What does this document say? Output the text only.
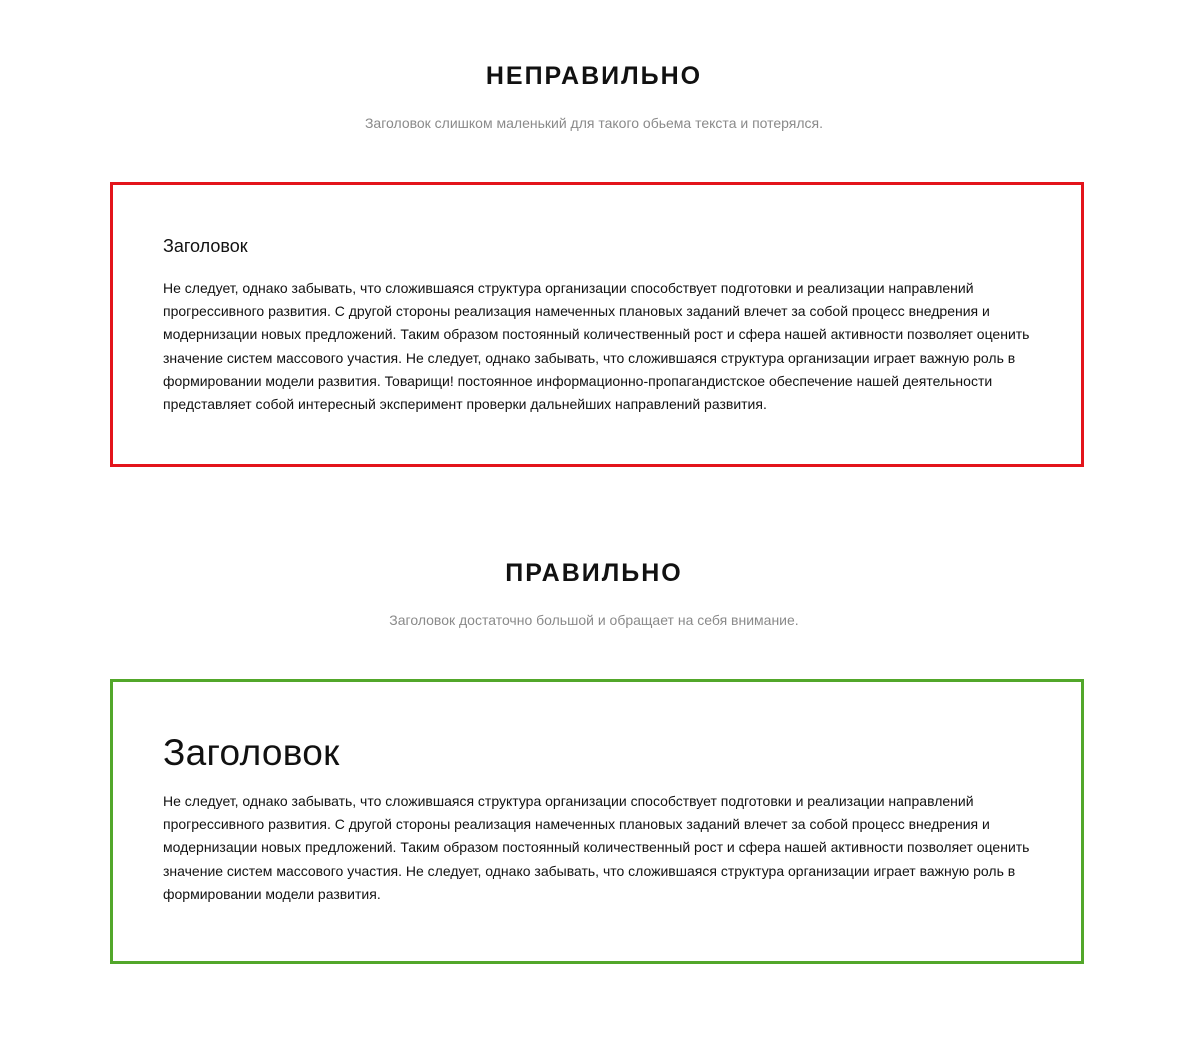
НЕПРАВИЛЬНО

Заголовок слишком маленький для такого обьема текста и потерялся.

Заголовок

Не следует, однако забывать, что сложившаяся структура организации способствует подготовки и реализации направлений прогрессивного развития. С другой стороны реализация намеченных плановых заданий влечет за собой процесс внедрения и модернизации новых предложений. Таким образом постоянный количественный рост и сфера нашей активности позволяет оценить значение систем массового участия. Не следует, однако забывать, что сложившаяся структура организации играет важную роль в формировании модели развития. Товарищи! постоянное информационно-пропагандистское обеспечение нашей деятельности представляет собой интересный эксперимент проверки дальнейших направлений развития.

ПРАВИЛЬНО

Заголовок достаточно большой и обращает на себя внимание.

Заголовок

Не следует, однако забывать, что сложившаяся структура организации способствует подготовки и реализации направлений прогрессивного развития. С другой стороны реализация намеченных плановых заданий влечет за собой процесс внедрения и модернизации новых предложений. Таким образом постоянный количественный рост и сфера нашей активности позволяет оценить значение систем массового участия. Не следует, однако забывать, что сложившаяся структура организации играет важную роль в формировании модели развития.
